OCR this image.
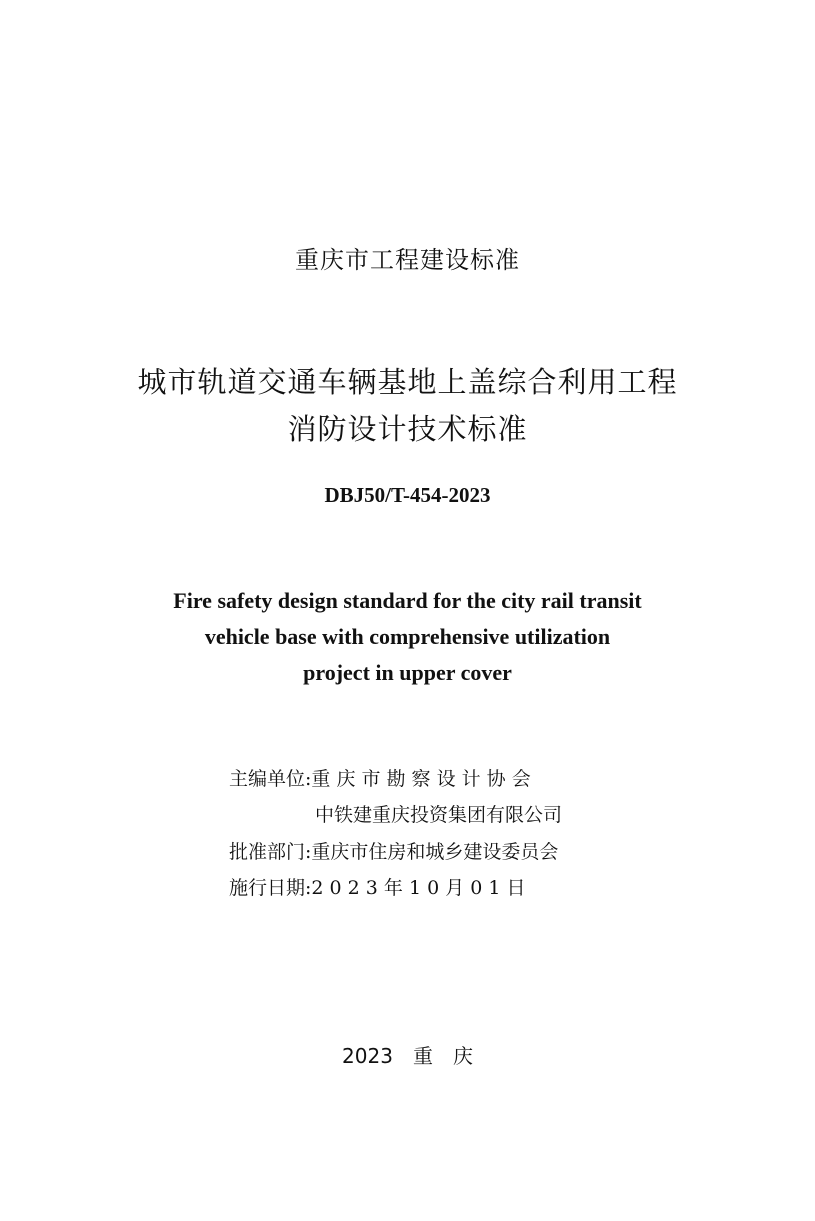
重庆市工程建设标准
城市轨道交通车辆基地上盖综合利用工程
消防设计技术标准
DBJ50/T-454-2023
Fire safety design standard for the city rail transit
vehicle base with comprehensive utilization
project in upper cover
主编单位:重 庆 市 勘 察 设 计 协 会
中铁建重庆投资集团有限公司
批准部门:重庆市住房和城乡建设委员会
施行日期:2 0 2 3 年 1 0 月 0 1 日
2023　重　庆
